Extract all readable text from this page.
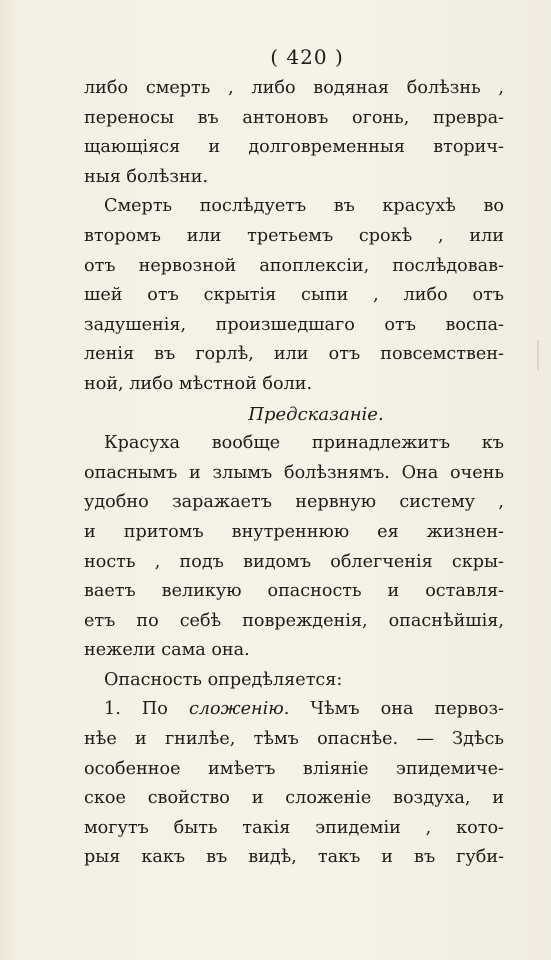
( 420 )
либо смерть , либо водяная болѣзнь ,
переносы въ антоновъ огонь, превра-
щающіяся и долговременныя вторич-
ныя болѣзни.
Смерть послѣдуетъ въ красухѣ во
второмъ или третьемъ срокѣ , или
отъ нервозной апоплексіи, послѣдовав-
шей отъ скрытія сыпи , либо отъ
задушенія, произшедшаго отъ воспа-
ленія въ горлѣ, или отъ повсемствен-
ной, либо мѣстной боли.
Предсказаніе.
Красуха вообще принадлежитъ къ
опаснымъ и злымъ болѣзнямъ. Она очень
удобно заражаетъ нервную систему ,
и притомъ внутреннюю ея жизнен-
ность , подъ видомъ облегченія скры-
ваетъ великую опасность и оставля-
етъ по себѣ поврежденія, опаснѣйшія,
нежели сама она.
Опасность опредѣляется:
1. По сложенію. Чѣмъ она первоз-
нѣе и гнилѣе, тѣмъ опаснѣе. — Здѣсь
особенное имѣетъ вліяніе эпидемиче-
ское свойство и сложеніе воздуха, и
могутъ быть такія эпидеміи , кото-
рыя какъ въ видѣ, такъ и въ губи-
